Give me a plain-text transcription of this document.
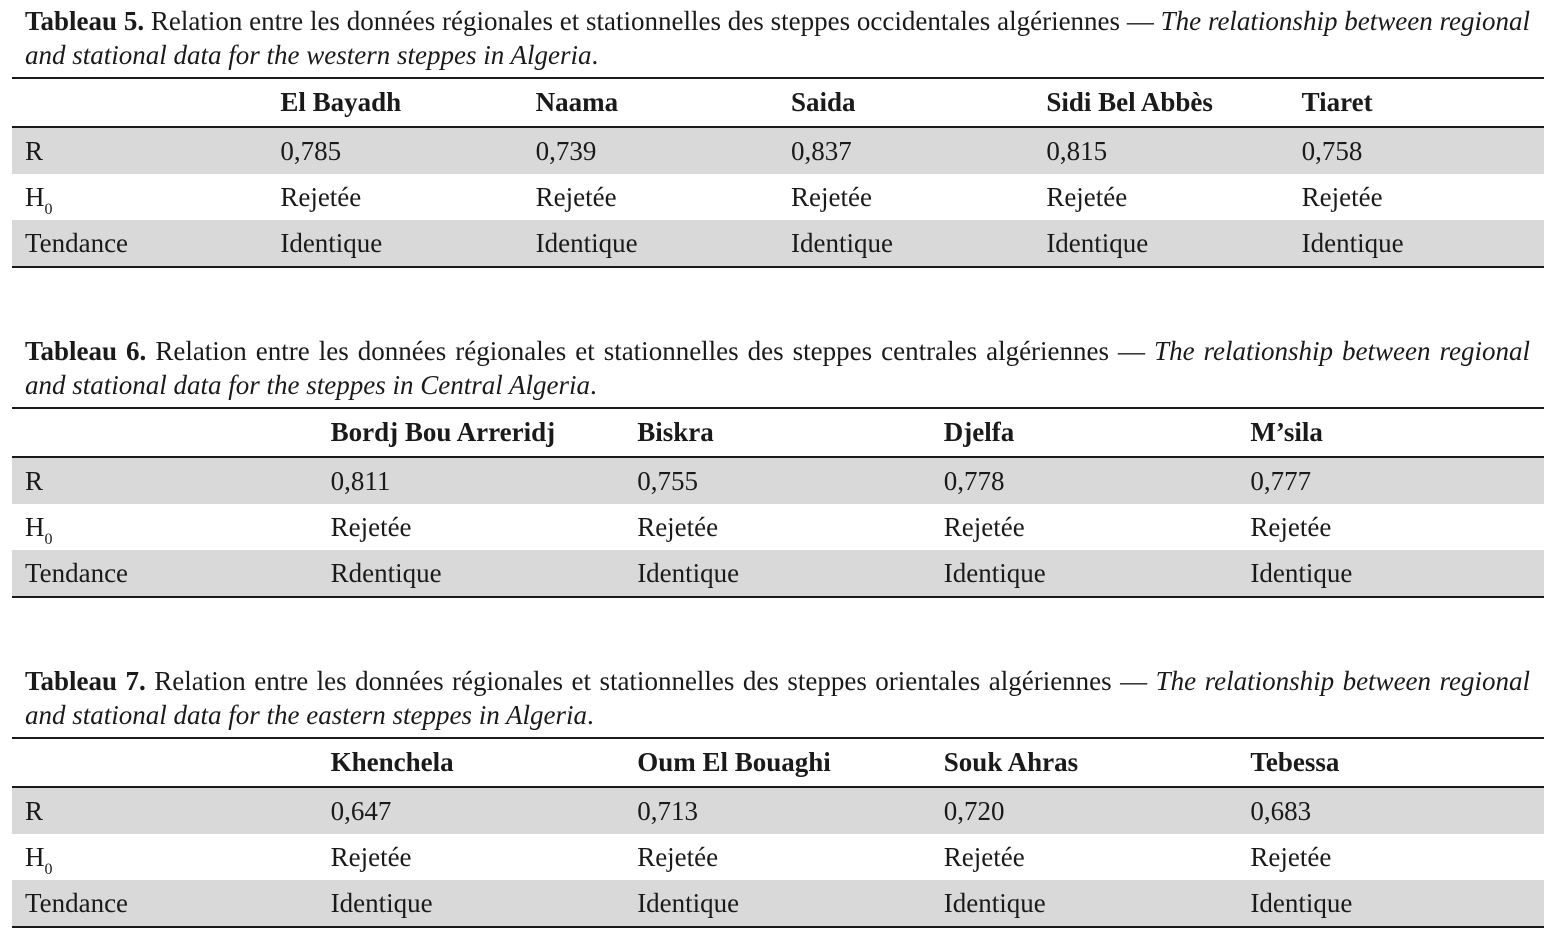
Tableau 5. Relation entre les données régionales et stationnelles des steppes occidentales algériennes — The relationship between regional and stational data for the western steppes in Algeria.

	El Bayadh	Naama	Saida	Sidi Bel Abbès	Tiaret
R	0,785	0,739	0,837	0,815	0,758
$H_0$	Rejetée	Rejetée	Rejetée	Rejetée	Rejetée
Tendance	Identique	Identique	Identique	Identique	Identique

Tableau 6. Relation entre les données régionales et stationnelles des steppes centrales algériennes — The relationship between regional and stational data for the steppes in Central Algeria.

	Bordj Bou Arreridj	Biskra	Djelfa	M’sila
R	0,811	0,755	0,778	0,777
$H_0$	Rejetée	Rejetée	Rejetée	Rejetée
Tendance	Rdentique	Identique	Identique	Identique

Tableau 7. Relation entre les données régionales et stationnelles des steppes orientales algériennes — The relationship between regional and stational data for the eastern steppes in Algeria.

	Khenchela	Oum El Bouaghi	Souk Ahras	Tebessa
R	0,647	0,713	0,720	0,683
$H_0$	Rejetée	Rejetée	Rejetée	Rejetée
Tendance	Identique	Identique	Identique	Identique
